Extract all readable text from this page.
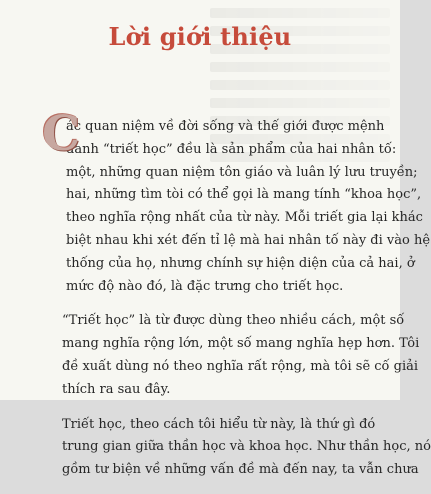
Lời giới thiệu

C
ác quan niệm về đời sống và thế giới được mệnh
danh “triết học” đều là sản phẩm của hai nhân tố:
một, những quan niệm tôn giáo và luân lý lưu truyền;
hai, những tìm tòi có thể gọi là mang tính “khoa học”,
theo nghĩa rộng nhất của từ này. Mỗi triết gia lại khác
biệt nhau khi xét đến tỉ lệ mà hai nhân tố này đi vào hệ
thống của họ, nhưng chính sự hiện diện của cả hai, ở
mức độ nào đó, là đặc trưng cho triết học.

“Triết học” là từ được dùng theo nhiều cách, một số
mang nghĩa rộng lớn, một số mang nghĩa hẹp hơn. Tôi
đề xuất dùng nó theo nghĩa rất rộng, mà tôi sẽ cố giải
thích ra sau đây.

Triết học, theo cách tôi hiểu từ này, là thứ gì đó
trung gian giữa thần học và khoa học. Như thần học, nó
gồm tư biện về những vấn đề mà đến nay, ta vẫn chưa
